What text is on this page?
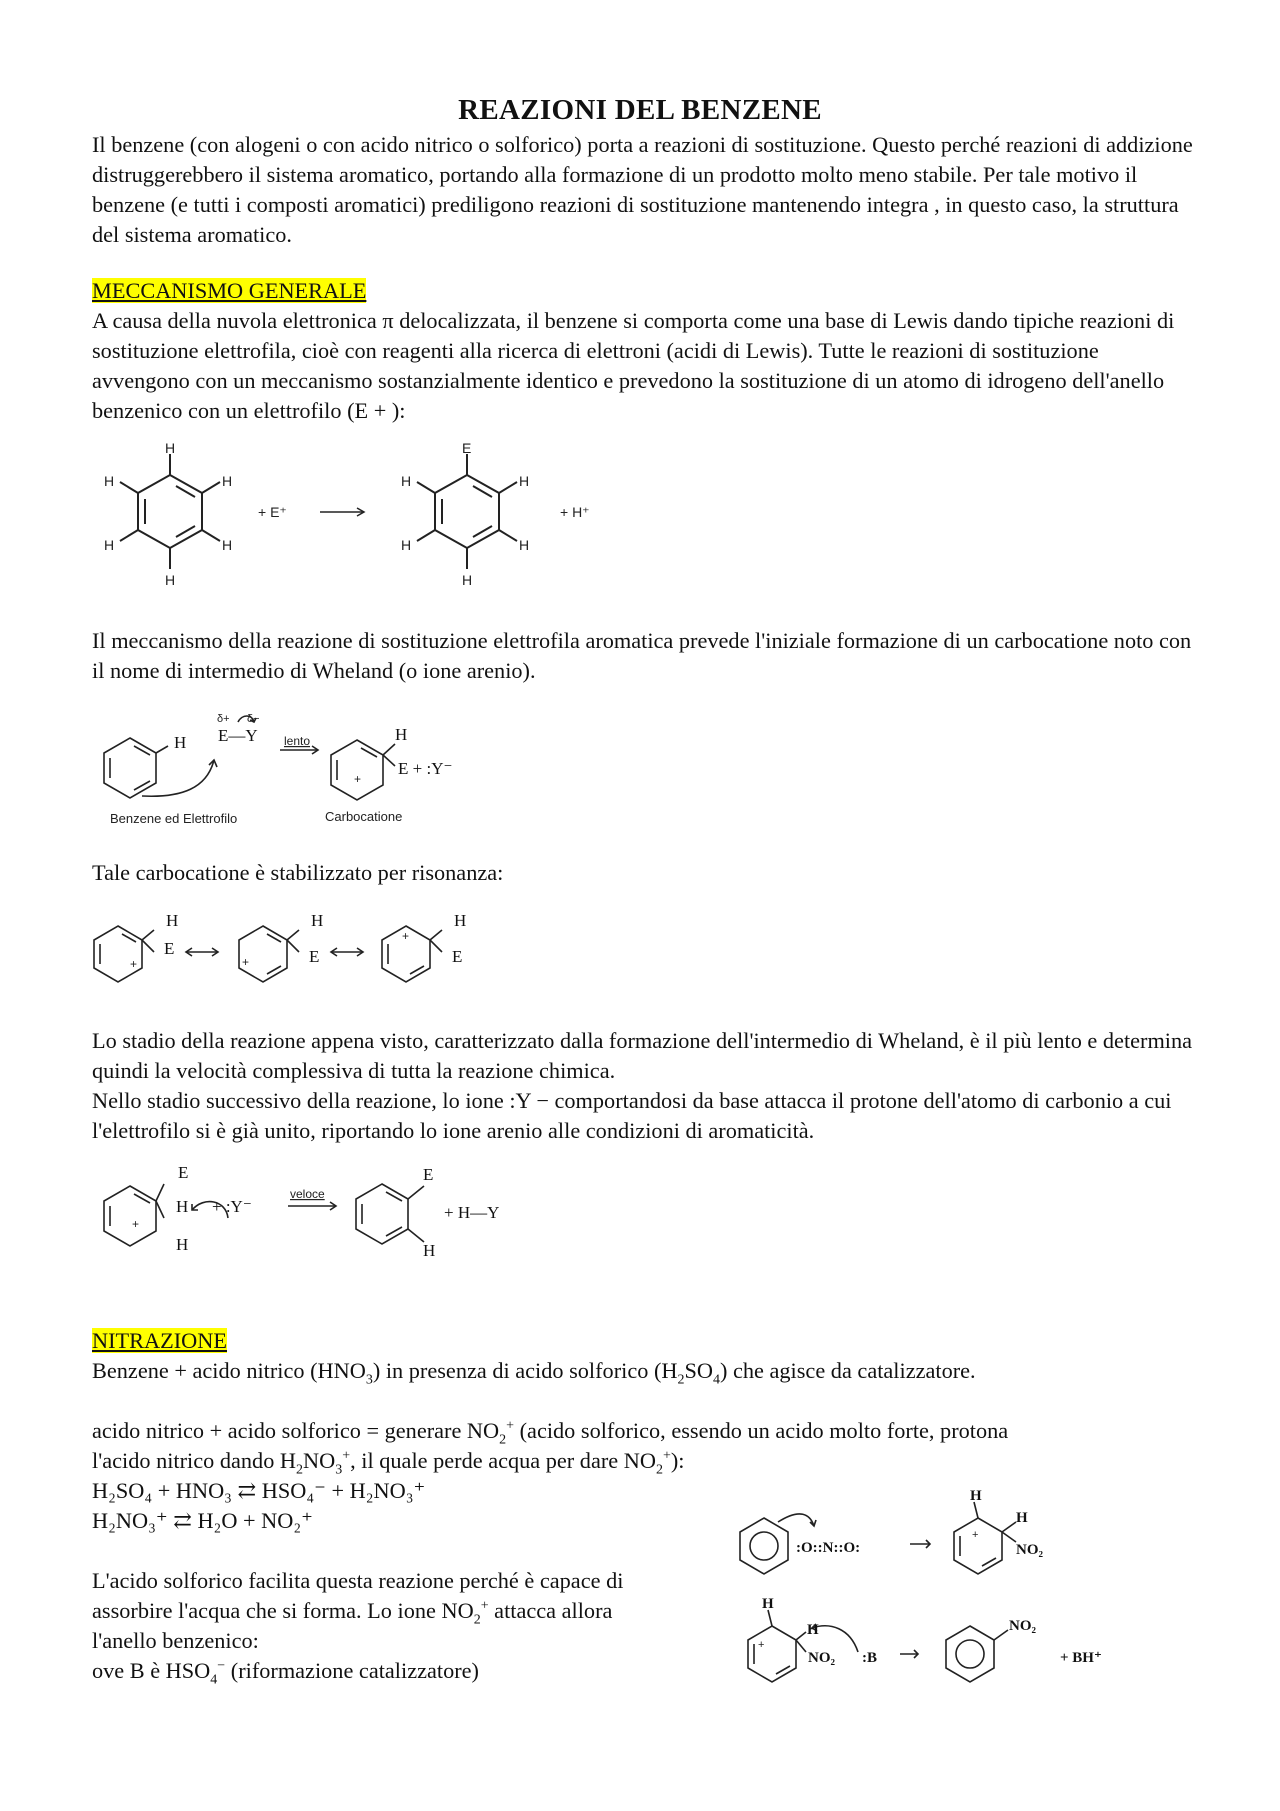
REAZIONI DEL BENZENE

Il benzene (con alogeni o con acido nitrico o solforico) porta a reazioni di sostituzione. Questo perché reazioni di addizione distruggerebbero il sistema aromatico, portando alla formazione di un prodotto molto meno stabile. Per tale motivo il benzene (e tutti i composti aromatici) prediligono reazioni di sostituzione mantenendo integra , in questo caso, la struttura del sistema aromatico.

MECCANISMO GENERALE

A causa della nuvola elettronica π delocalizzata, il benzene si comporta come una base di Lewis dando tipiche reazioni di sostituzione elettrofila, cioè con reagenti alla ricerca di elettroni (acidi di Lewis). Tutte le reazioni di sostituzione avvengono con un meccanismo sostanzialmente identico e prevedono la sostituzione di un atomo di idrogeno dell'anello benzenico con un elettrofilo (E + ):

H
H
H
H
H
H
+ E⁺
E
H
H
H
H
H
+ H⁺

Il meccanismo della reazione di sostituzione elettrofila aromatica prevede l'iniziale formazione di un carbocatione noto con il nome di intermedio di Wheland (o ione arenio).

H
δ+ δ−
E—Y lento	H
E + :Y⁻
+
Benzene ed Elettrofilo	Carbocatione

Tale carbocatione è stabilizzato per risonanza:

H
E
+
H
E
+
H
E
+

Lo stadio della reazione appena visto, caratterizzato dalla formazione dell'intermedio di Wheland, è il più lento e determina quindi la velocità complessiva di tutta la reazione chimica.

Nello stadio successivo della reazione, lo ione :Y − comportandosi da base attacca il protone dell'atomo di carbonio a cui l'elettrofilo si è già unito, riportando lo ione arenio alle condizioni di aromaticità.

E
H
H
+
+ :Y⁻
veloce
E
H
+ H—Y
NITRAZIONE

Benzene + acido nitrico $(HNO_3)$ in presenza di acido solforico $(H_2SO_4)$ che agisce da catalizzatore.

acido nitrico + acido solforico = generare $NO_2^+$ (acido solforico, essendo un acido molto forte, protona

l'acido nitrico dando $H_2NO_3^+$, il quale perde acqua per dare $NO_2^+$):

H₂SO₄ + HNO₃ ⇄ HSO₄⁻ + H₂NO₃⁺
H₂NO₃⁺ ⇄ H₂O + NO₂⁺

L'acido solforico facilita questa reazione perché è capace di
assorbire l'acqua che si forma. Lo ione $NO_2^+$ attacca allora
l'anello benzenico:
ove B è $HSO_4^-$ (riformazione catalizzatore)

:O::N::O:
H
H
NO₂
+
H
H
NO₂ :B
+
NO₂
+ BH⁺
